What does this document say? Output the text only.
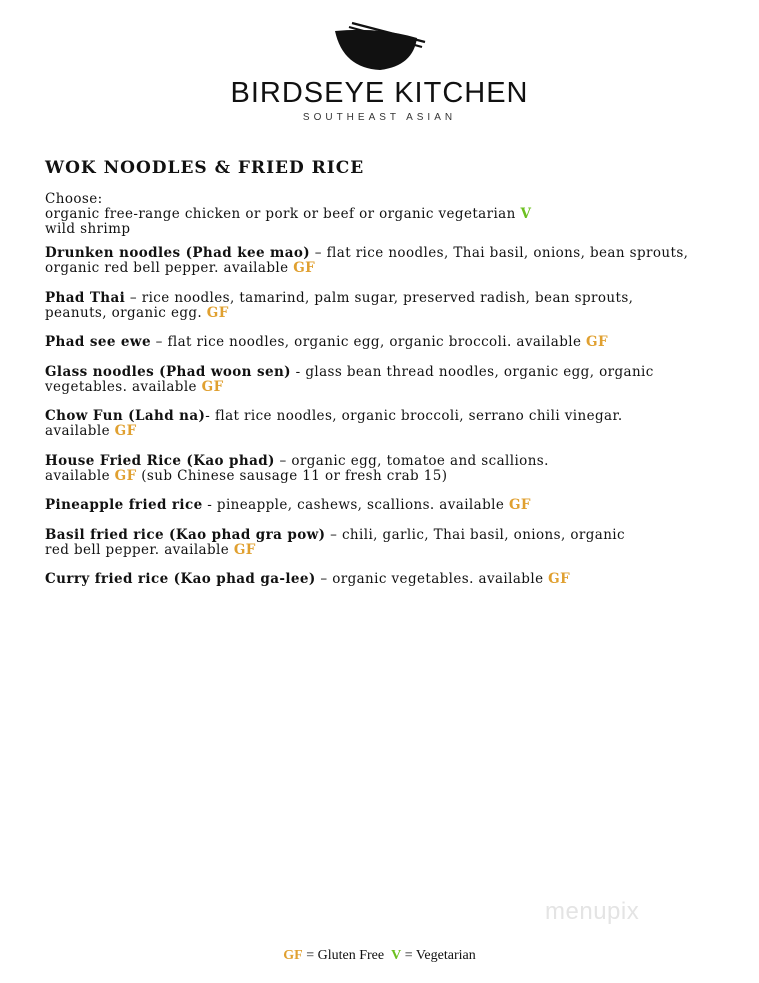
BIRDSEYE KITCHEN
SOUTHEAST ASIAN
WOK NOODLES & FRIED RICE
Choose:
organic free-range chicken or pork or beef or organic vegetarian V
wild shrimp
Drunken noodles (Phad kee mao) – flat rice noodles, Thai basil, onions, bean sprouts,
organic red bell pepper. available GF
Phad Thai – rice noodles, tamarind, palm sugar, preserved radish, bean sprouts,
peanuts, organic egg. GF
Phad see ewe – flat rice noodles, organic egg, organic broccoli. available GF
Glass noodles (Phad woon sen) - glass bean thread noodles, organic egg, organic
vegetables. available GF
Chow Fun (Lahd na)- flat rice noodles, organic broccoli, serrano chili vinegar.
available GF
House Fried Rice (Kao phad) – organic egg, tomatoe and scallions.
available GF (sub Chinese sausage 11 or fresh crab 15)
Pineapple fried rice - pineapple, cashews, scallions. available GF
Basil fried rice (Kao phad gra pow) – chili, garlic, Thai basil, onions, organic
red bell pepper. available GF
Curry fried rice (Kao phad ga-lee) – organic vegetables. available GF
menupix
GF = Gluten Free V = Vegetarian
